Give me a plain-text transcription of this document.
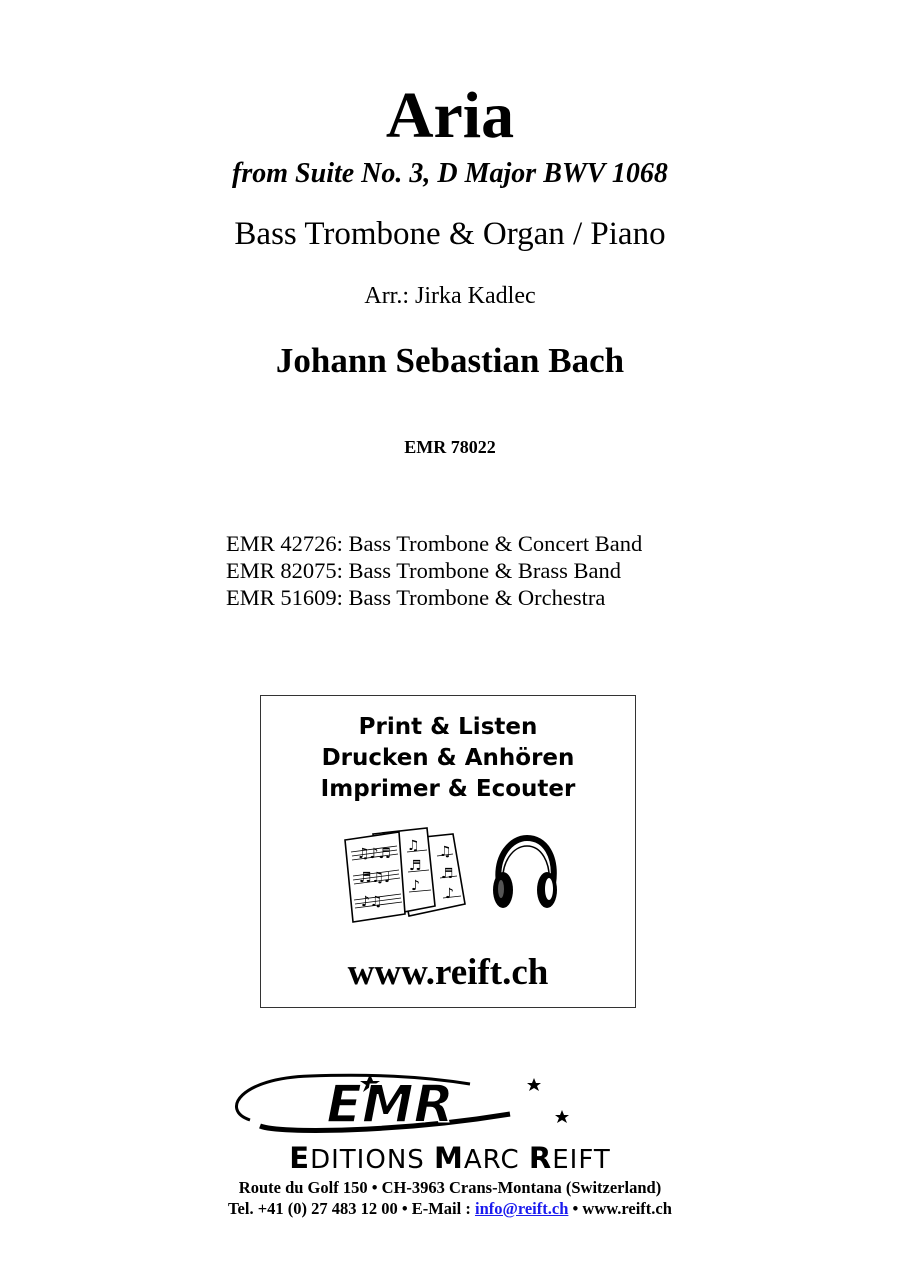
Aria
from Suite No. 3, D Major BWV 1068
Bass Trombone & Organ / Piano
Arr.: Jirka Kadlec
Johann Sebastian Bach
EMR 78022
EMR 42726: Bass Trombone & Concert Band
EMR 82075: Bass Trombone & Brass Band
EMR 51609: Bass Trombone & Orchestra
Print & Listen
Drucken & Anhören
Imprimer & Ecouter
♫♪♬
♬♫♩
♪♫
♫
♬
♪
♫
♬
♪
www.reift.ch
EMR
EDITIONS MARC REIFT
Route du Golf 150 • CH-3963 Crans-Montana (Switzerland)
Tel. +41 (0) 27 483 12 00 • E-Mail : info@reift.ch • www.reift.ch
